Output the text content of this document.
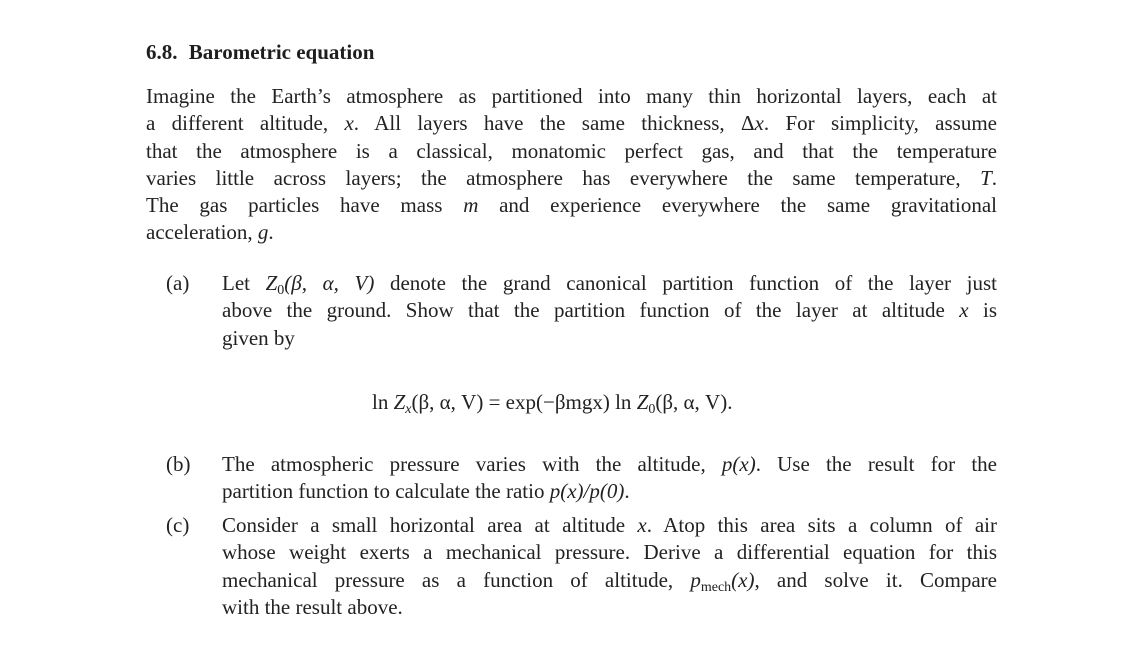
6.8. Barometric equation
Imagine the Earth’s atmosphere as partitioned into many thin horizontal layers, each at
a different altitude, x. All layers have the same thickness, Δx. For simplicity, assume
that the atmosphere is a classical, monatomic perfect gas, and that the temperature
varies little across layers; the atmosphere has everywhere the same temperature, T.
The gas particles have mass m and experience everywhere the same gravitational
acceleration, g.
(a) Let $Z_0(\beta$, α, V) denote the grand canonical partition function of the layer just
above the ground. Show that the partition function of the layer at altitude x is
given by
$\ln Z_x(\beta$, α, V) = exp(−βmgx) $\ln Z_0(\beta$, α, V).
(b) The atmospheric pressure varies with the altitude, p(x). Use the result for the
partition function to calculate the ratio p(x)/p(0).
(c) Consider a small horizontal area at altitude x. Atop this area sits a column of air
whose weight exerts a mechanical pressure. Derive a differential equation for this
mechanical pressure as a function of altitude, $p_{mech}(x)$, and solve it. Compare
with the result above.
